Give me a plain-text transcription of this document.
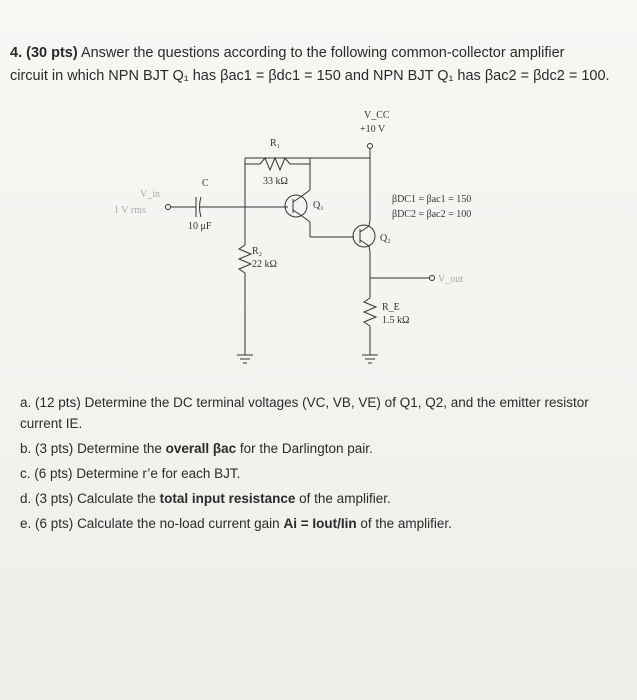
4. (30 pts) Answer the questions according to the following common-collector amplifier
circuit in which NPN BJT Q₁ has βac1 = βdc1 = 150 and NPN BJT Q₁ has βac2 = βdc2 = 100.
V_CC
+10 V
R₁
33 kΩ
C
10 μF
V_in
1 V rms	Q₁
Q₂
βDC1 = βac1 = 150
βDC2 = βac2 = 100
R₂
22 kΩ
V_out
R_E
1.5 kΩ
a. (12 pts) Determine the DC terminal voltages (VC, VB, VE) of Q1, Q2, and the emitter resistor current IE.
b. (3 pts) Determine the overall βac for the Darlington pair.
c. (6 pts) Determine r’e for each BJT.
d. (3 pts) Calculate the total input resistance of the amplifier.
e. (6 pts) Calculate the no-load current gain Ai = Iout/Iin of the amplifier.
